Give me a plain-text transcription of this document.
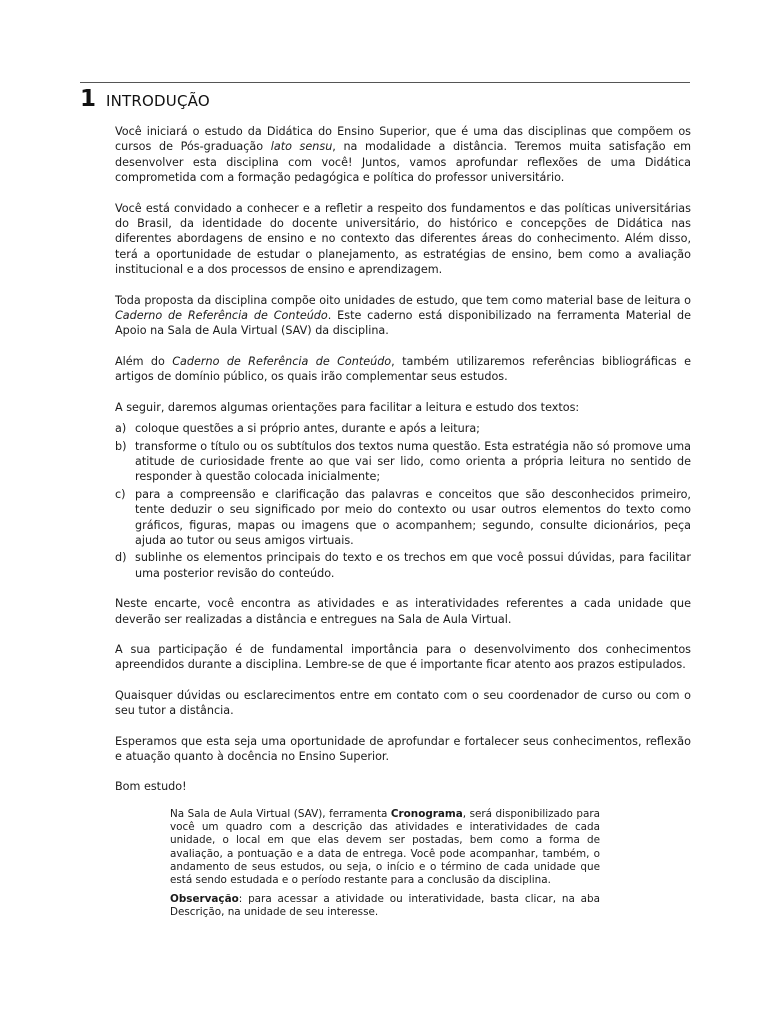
1 INTRODUÇÃO

Você iniciará o estudo da Didática do Ensino Superior, que é uma das disciplinas que compõem os cursos de Pós-graduação lato sensu, na modalidade a distância. Teremos muita satisfação em desenvolver esta disciplina com você! Juntos, vamos aprofundar reflexões de uma Didática comprometida com a formação pedagógica e política do professor universitário.

Você está convidado a conhecer e a refletir a respeito dos fundamentos e das políticas universitárias do Brasil, da identidade do docente universitário, do histórico e concepções de Didática nas diferentes abordagens de ensino e no contexto das diferentes áreas do conhecimento. Além disso, terá a oportunidade de estudar o planejamento, as estratégias de ensino, bem como a avaliação institucional e a dos processos de ensino e aprendizagem.

Toda proposta da disciplina compõe oito unidades de estudo, que tem como material base de leitura o Caderno de Referência de Conteúdo. Este caderno está disponibilizado na ferramenta Material de Apoio na Sala de Aula Virtual (SAV) da disciplina.

Além do Caderno de Referência de Conteúdo, também utilizaremos referências bibliográficas e artigos de domínio público, os quais irão complementar seus estudos.

A seguir, daremos algumas orientações para facilitar a leitura e estudo dos textos:

a) coloque questões a si próprio antes, durante e após a leitura;
b) transforme o título ou os subtítulos dos textos numa questão. Esta estratégia não só promove uma atitude de curiosidade frente ao que vai ser lido, como orienta a própria leitura no sentido de responder à questão colocada inicialmente;
c) para a compreensão e clarificação das palavras e conceitos que são desconhecidos primeiro, tente deduzir o seu significado por meio do contexto ou usar outros elementos do texto como gráficos, figuras, mapas ou imagens que o acompanhem; segundo, consulte dicionários, peça ajuda ao tutor ou seus amigos virtuais.
d) sublinhe os elementos principais do texto e os trechos em que você possui dúvidas, para facilitar uma posterior revisão do conteúdo.

Neste encarte, você encontra as atividades e as interatividades referentes a cada unidade que deverão ser realizadas a distância e entregues na Sala de Aula Virtual.

A sua participação é de fundamental importância para o desenvolvimento dos conhecimentos apreendidos durante a disciplina. Lembre-se de que é importante ficar atento aos prazos estipulados.

Quaisquer dúvidas ou esclarecimentos entre em contato com o seu coordenador de curso ou com o seu tutor a distância.

Esperamos que esta seja uma oportunidade de aprofundar e fortalecer seus conhecimentos, reflexão e atuação quanto à docência no Ensino Superior.

Bom estudo!

Na Sala de Aula Virtual (SAV), ferramenta Cronograma, será disponibilizado para você um quadro com a descrição das atividades e interatividades de cada unidade, o local em que elas devem ser postadas, bem como a forma de avaliação, a pontuação e a data de entrega. Você pode acompanhar, também, o andamento de seus estudos, ou seja, o início e o término de cada unidade que está sendo estudada e o período restante para a conclusão da disciplina.

Observação: para acessar a atividade ou interatividade, basta clicar, na aba Descrição, na unidade de seu interesse.
